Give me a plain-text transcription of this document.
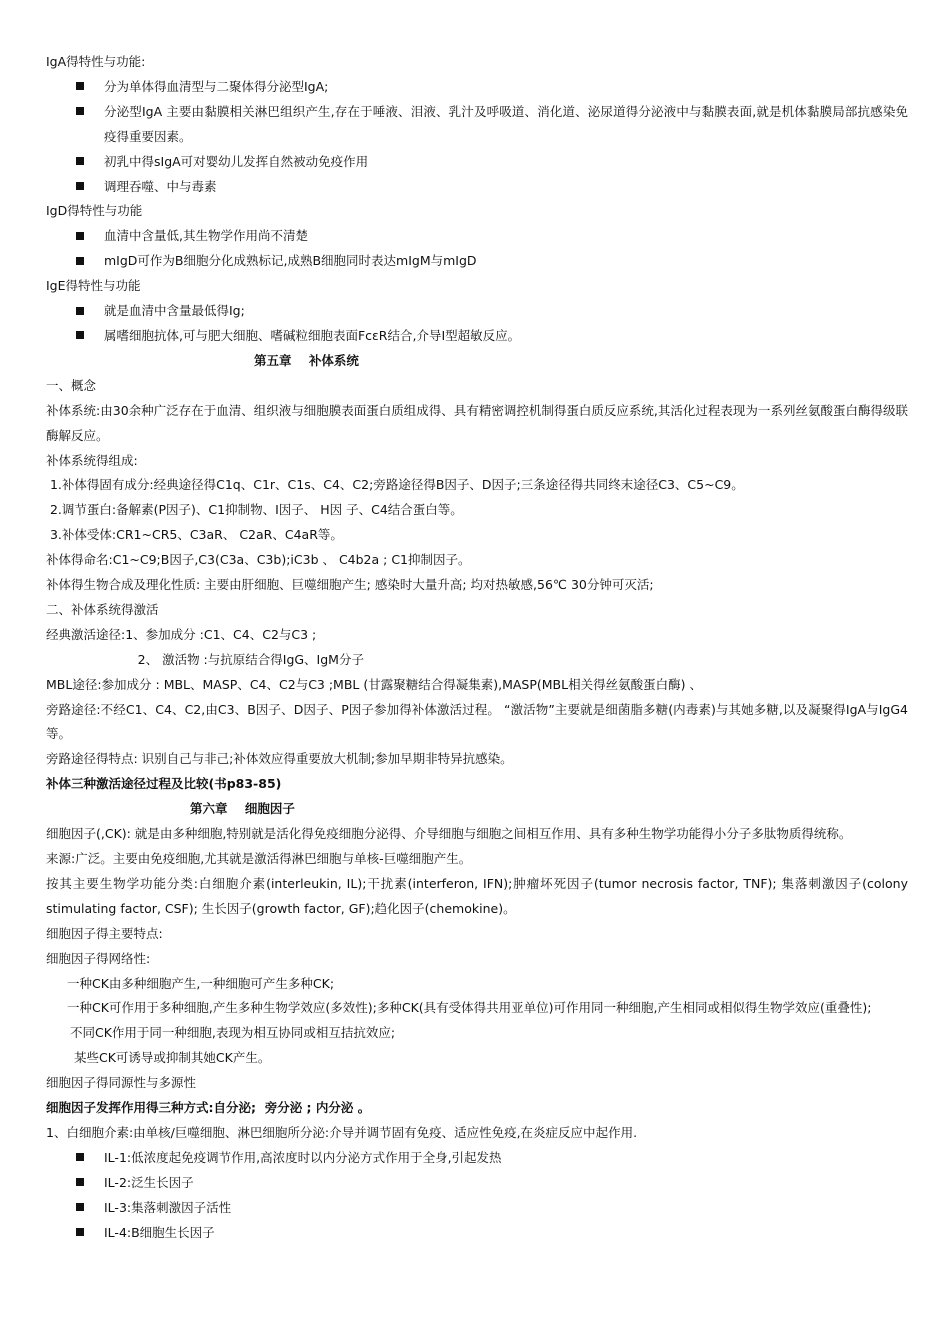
IgA得特性与功能:
分为单体得血清型与二聚体得分泌型IgA;
分泌型IgA 主要由黏膜相关淋巴组织产生,存在于唾液、泪液、乳汁及呼吸道、消化道、泌尿道得分泌液中与黏膜表面,就是机体黏膜局部抗感染免疫得重要因素。
初乳中得sIgA可对婴幼儿发挥自然被动免疫作用
调理吞噬、中与毒素
IgD得特性与功能
血清中含量低,其生物学作用尚不清楚
mIgD可作为B细胞分化成熟标记,成熟B细胞同时表达mIgM与mIgD
IgE得特性与功能
就是血清中含量最低得Ig;
属嗜细胞抗体,可与肥大细胞、嗜碱粒细胞表面FcεR结合,介导I型超敏反应。
第五章    补体系统
一、概念
补体系统:由30余种广泛存在于血清、组织液与细胞膜表面蛋白质组成得、具有精密调控机制得蛋白质反应系统,其活化过程表现为一系列丝氨酸蛋白酶得级联酶解反应。
补体系统得组成:
1.补体得固有成分:经典途径得C1q、C1r、C1s、C4、C2;旁路途径得B因子、D因子;三条途径得共同终末途径C3、C5~C9。
2.调节蛋白:备解素(P因子)、C1抑制物、I因子、 H因 子、C4结合蛋白等。
3.补体受体:CR1~CR5、C3aR、 C2aR、C4aR等。
补体得命名:C1~C9;B因子,C3(C3a、C3b);iC3b 、 C4b2a ; C1抑制因子。
补体得生物合成及理化性质: 主要由肝细胞、巨噬细胞产生; 感染时大量升高; 均对热敏感,56℃ 30分钟可灭活;
二、补体系统得激活
经典激活途径:1、参加成分 :C1、C4、C2与C3 ;
2、 激活物 :与抗原结合得IgG、IgM分子
MBL途径:参加成分 : MBL、MASP、C4、C2与C3 ;MBL (甘露聚糖结合得凝集素),MASP(MBL相关得丝氨酸蛋白酶) 、
旁路途径:不经C1、C4、C2,由C3、B因子、D因子、P因子参加得补体激活过程。 “激活物”主要就是细菌脂多糖(内毒素)与其她多糖,以及凝聚得IgA与IgG4等。
旁路途径得特点: 识别自己与非己;补体效应得重要放大机制;参加早期非特异抗感染。
补体三种激活途径过程及比较(书p83-85)
第六章    细胞因子
细胞因子(,CK): 就是由多种细胞,特别就是活化得免疫细胞分泌得、介导细胞与细胞之间相互作用、具有多种生物学功能得小分子多肽物质得统称。
来源:广泛。主要由免疫细胞,尤其就是激活得淋巴细胞与单核-巨噬细胞产生。
按其主要生物学功能分类:白细胞介素(interleukin, IL);干扰素(interferon, IFN);肿瘤坏死因子(tumor necrosis factor, TNF); 集落刺激因子(colony stimulating factor, CSF); 生长因子(growth factor, GF);趋化因子(chemokine)。
细胞因子得主要特点:
细胞因子得网络性:
一种CK由多种细胞产生,一种细胞可产生多种CK;
一种CK可作用于多种细胞,产生多种生物学效应(多效性);多种CK(具有受体得共用亚单位)可作用同一种细胞,产生相同或相似得生物学效应(重叠性);
不同CK作用于同一种细胞,表现为相互协同或相互拮抗效应;
某些CK可诱导或抑制其她CK产生。
细胞因子得同源性与多源性
细胞因子发挥作用得三种方式:自分泌;  旁分泌 ; 内分泌 。
1、白细胞介素:由单核/巨噬细胞、淋巴细胞所分泌:介导并调节固有免疫、适应性免疫,在炎症反应中起作用.
IL-1:低浓度起免疫调节作用,高浓度时以内分泌方式作用于全身,引起发热
IL-2:泛生长因子
IL-3:集落刺激因子活性
IL-4:B细胞生长因子
